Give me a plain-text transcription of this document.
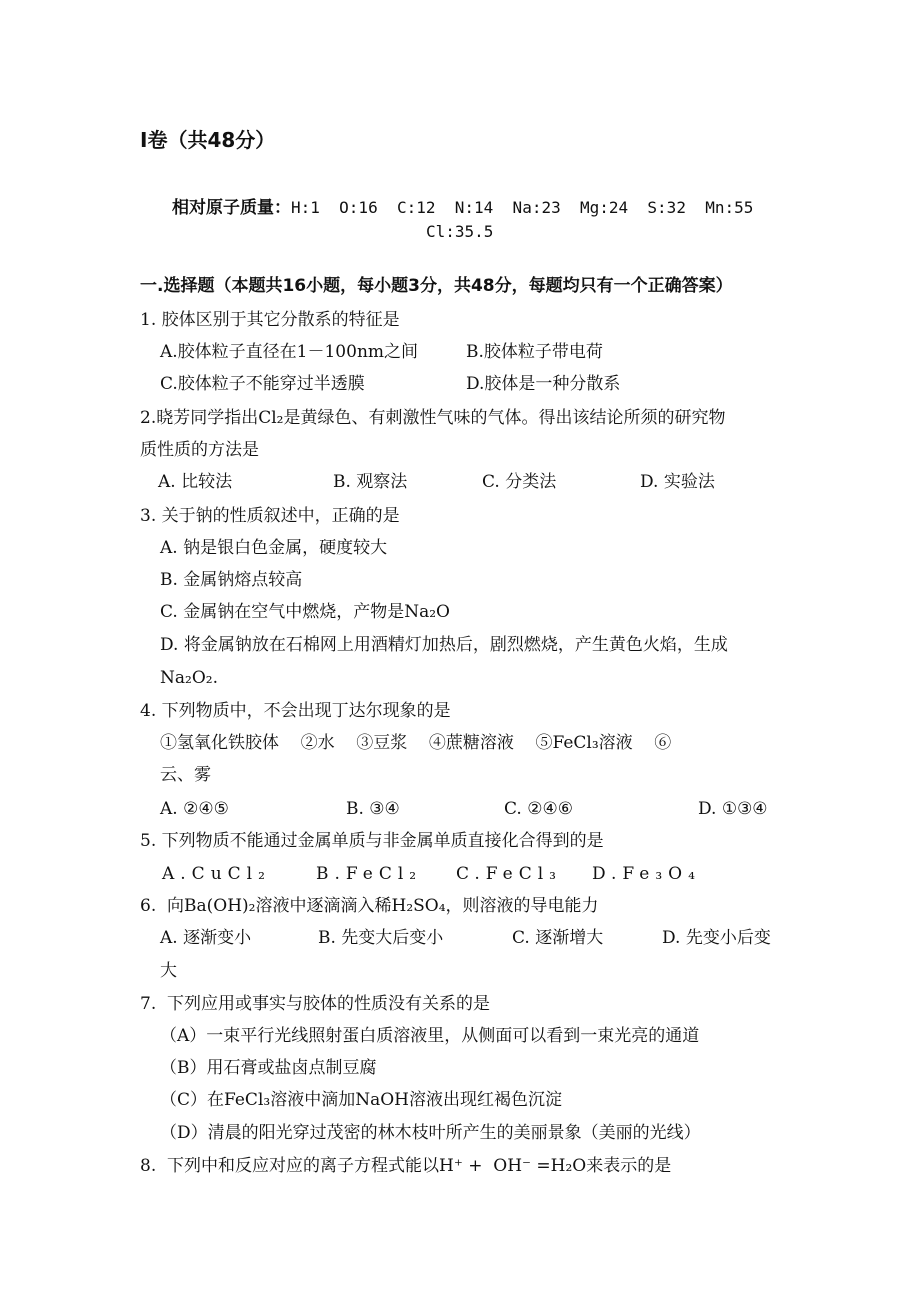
Ⅰ卷（共48分）
相对原子质量：H:1  O:16  C:12  N:14  Na:23  Mg:24  S:32  Mn:55
Cl:35.5
一.选择题（本题共16小题，每小题3分，共48分，每题均只有一个正确答案）
1. 胶体区别于其它分散系的特征是
A.胶体粒子直径在1－100nm之间	B.胶体粒子带电荷
C.胶体粒子不能穿过半透膜	D.胶体是一种分散系
2.晓芳同学指出Cl₂是黄绿色、有刺激性气味的气体。得出该结论所须的研究物
质性质的方法是
A. 比较法	B. 观察法	C. 分类法	D. 实验法
3. 关于钠的性质叙述中，正确的是
A. 钠是银白色金属，硬度较大
B. 金属钠熔点较高
C. 金属钠在空气中燃烧，产物是Na₂O
D. 将金属钠放在石棉网上用酒精灯加热后，剧烈燃烧，产生黄色火焰，生成
Na₂O₂.
4. 下列物质中，不会出现丁达尔现象的是
①氢氧化铁胶体    ②水    ③豆浆    ④蔗糖溶液    ⑤FeCl₃溶液    ⑥
云、雾
A. ②④⑤	B. ③④	C. ②④⑥	D. ①③④
5. 下列物质不能通过金属单质与非金属单质直接化合得到的是
A.CuCl₂	B.FeCl₂ C.FeCl₃ D.Fe₃O₄
6.  向Ba(OH)₂溶液中逐滴滴入稀H₂SO₄，则溶液的导电能力
A. 逐渐变小	B. 先变大后变小	C. 逐渐增大	D. 先变小后变
大
7.  下列应用或事实与胶体的性质没有关系的是
（A）一束平行光线照射蛋白质溶液里，从侧面可以看到一束光亮的通道
（B）用石膏或盐卤点制豆腐
（C）在FeCl₃溶液中滴加NaOH溶液出现红褐色沉淀
（D）清晨的阳光穿过茂密的林木枝叶所产生的美丽景象（美丽的光线）
8.  下列中和反应对应的离子方程式能以H⁺ +  OH⁻ =H₂O来表示的是
